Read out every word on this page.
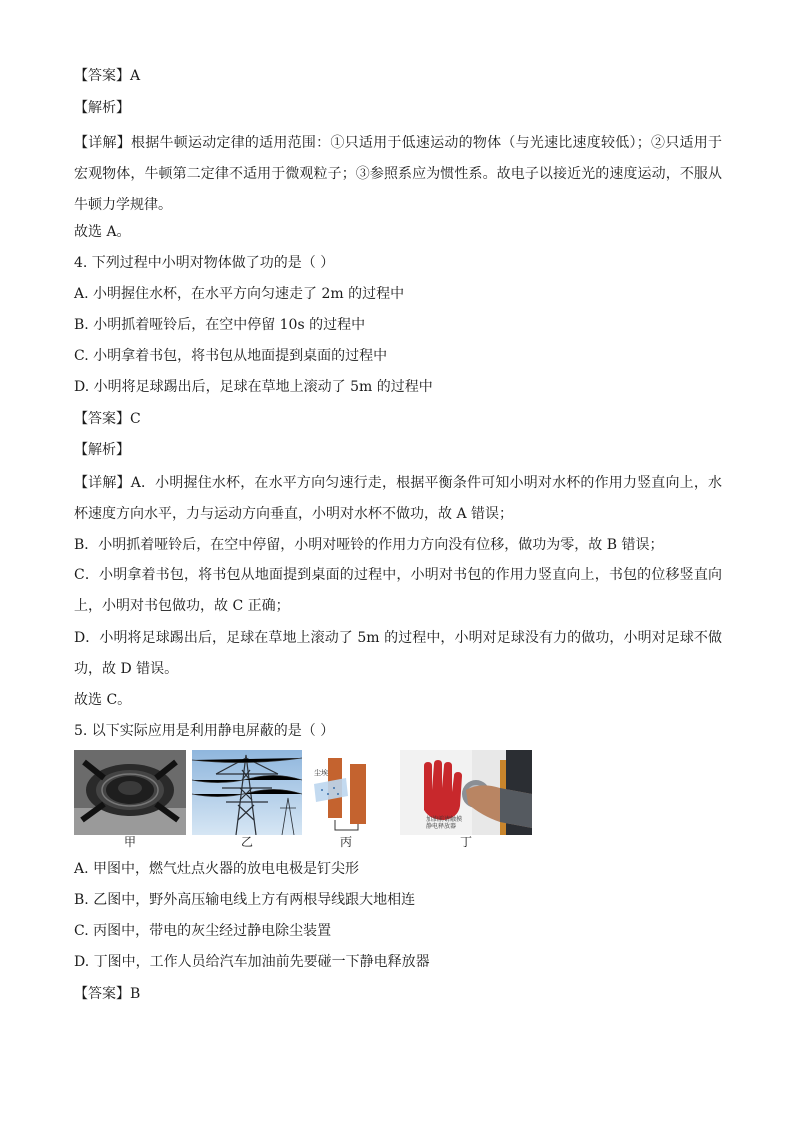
【答案】A
【解析】
【详解】根据牛顿运动定律的适用范围：①只适用于低速运动的物体（与光速比速度较低）；②只适用于宏观物体，牛顿第二定律不适用于微观粒子；③参照系应为惯性系。故电子以接近光的速度运动，不服从牛顿力学规律。
故选 A。
4. 下列过程中小明对物体做了功的是（ ）
A. 小明握住水杯，在水平方向匀速走了 2m 的过程中
B. 小明抓着哑铃后，在空中停留 10s 的过程中
C. 小明拿着书包，将书包从地面提到桌面的过程中
D. 小明将足球踢出后，足球在草地上滚动了 5m 的过程中
【答案】C
【解析】
【详解】A．小明握住水杯，在水平方向匀速行走，根据平衡条件可知小明对水杯的作用力竖直向上，水杯速度方向水平，力与运动方向垂直，小明对水杯不做功，故 A 错误；
B．小明抓着哑铃后，在空中停留，小明对哑铃的作用力方向没有位移，做功为零，故 B 错误；
C．小明拿着书包，将书包从地面提到桌面的过程中，小明对书包的作用力竖直向上，书包的位移竖直向上，小明对书包做功，故 C 正确；
D．小明将足球踢出后，足球在草地上滚动了 5m 的过程中，小明对足球没有力的做功，小明对足球不做功，故 D 错误。
故选 C。
5. 以下实际应用是利用静电屏蔽的是（ ）
甲	乙
尘埃
丙
加油前请触摸
静电释放器
丁
A. 甲图中，燃气灶点火器的放电电极是钉尖形
B. 乙图中，野外高压输电线上方有两根导线跟大地相连
C. 丙图中，带电的灰尘经过静电除尘装置
D. 丁图中，工作人员给汽车加油前先要碰一下静电释放器
【答案】B
